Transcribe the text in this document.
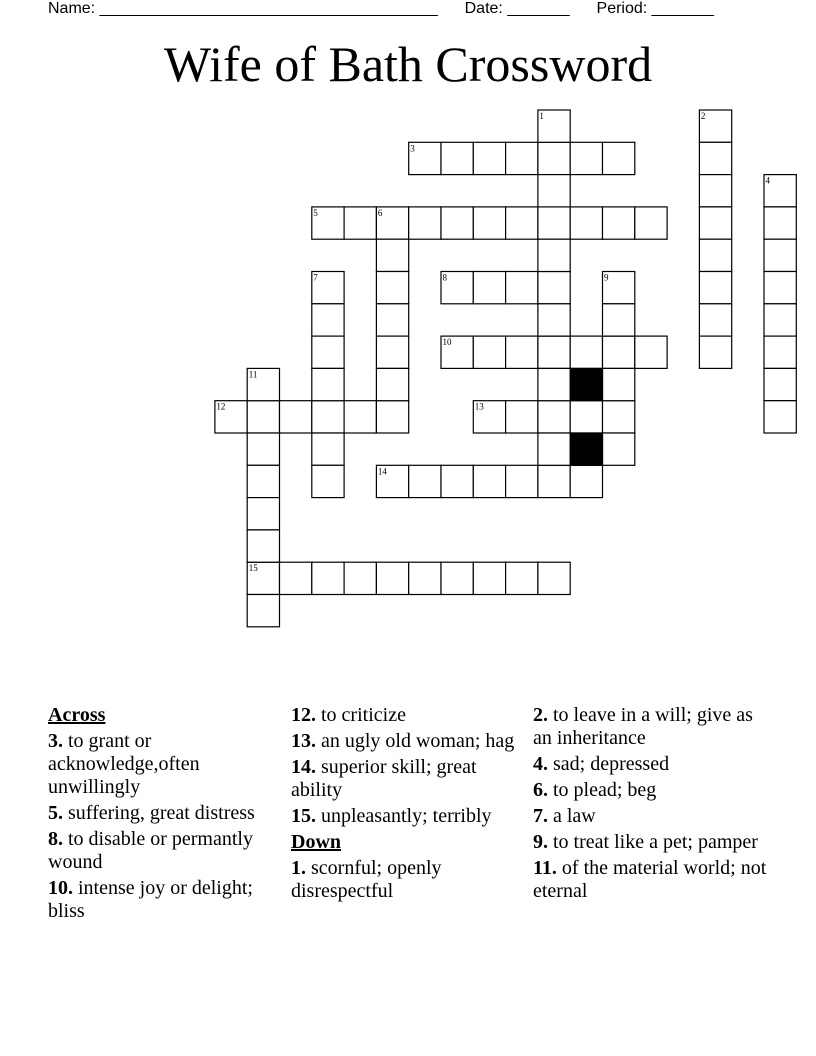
Name: ______________________________________ Date: _______ Period: _______
Wife of Bath Crossword
3
5
8
10
12	13
14
15
1	2
4
6
7	9
11
Across
3. to grant or acknowledge,often unwillingly
5. suffering, great distress
8. to disable or permantly wound
10. intense joy or delight; bliss
12. to criticize
13. an ugly old woman; hag
14. superior skill; great ability
15. unpleasantly; terribly
Down
1. scornful; openly disrespectful
2. to leave in a will; give as an inheritance
4. sad; depressed
6. to plead; beg
7. a law
9. to treat like a pet; pamper
11. of the material world; not eternal
